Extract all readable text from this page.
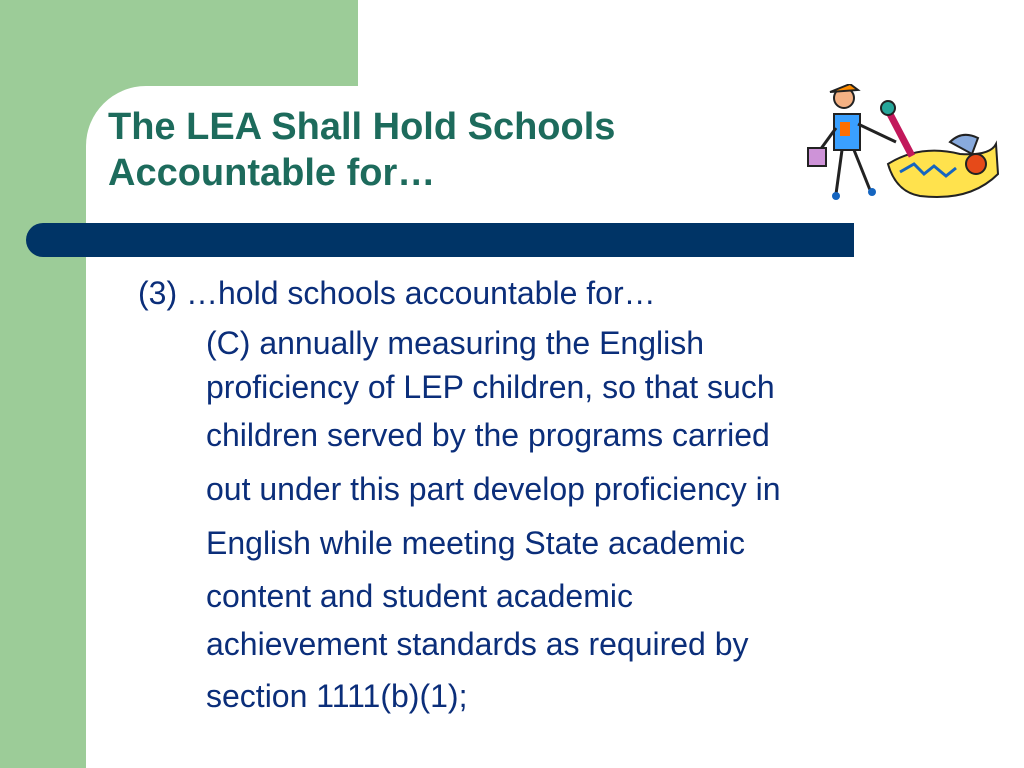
The LEA Shall Hold Schools Accountable for…

(3) …hold schools accountable for…

(C) annually measuring the English
proficiency of LEP children, so that such
children served by the programs carried
out under this part develop proficiency in
English while meeting State academic
content and student academic
achievement standards as required by
section 1111(b)(1);
